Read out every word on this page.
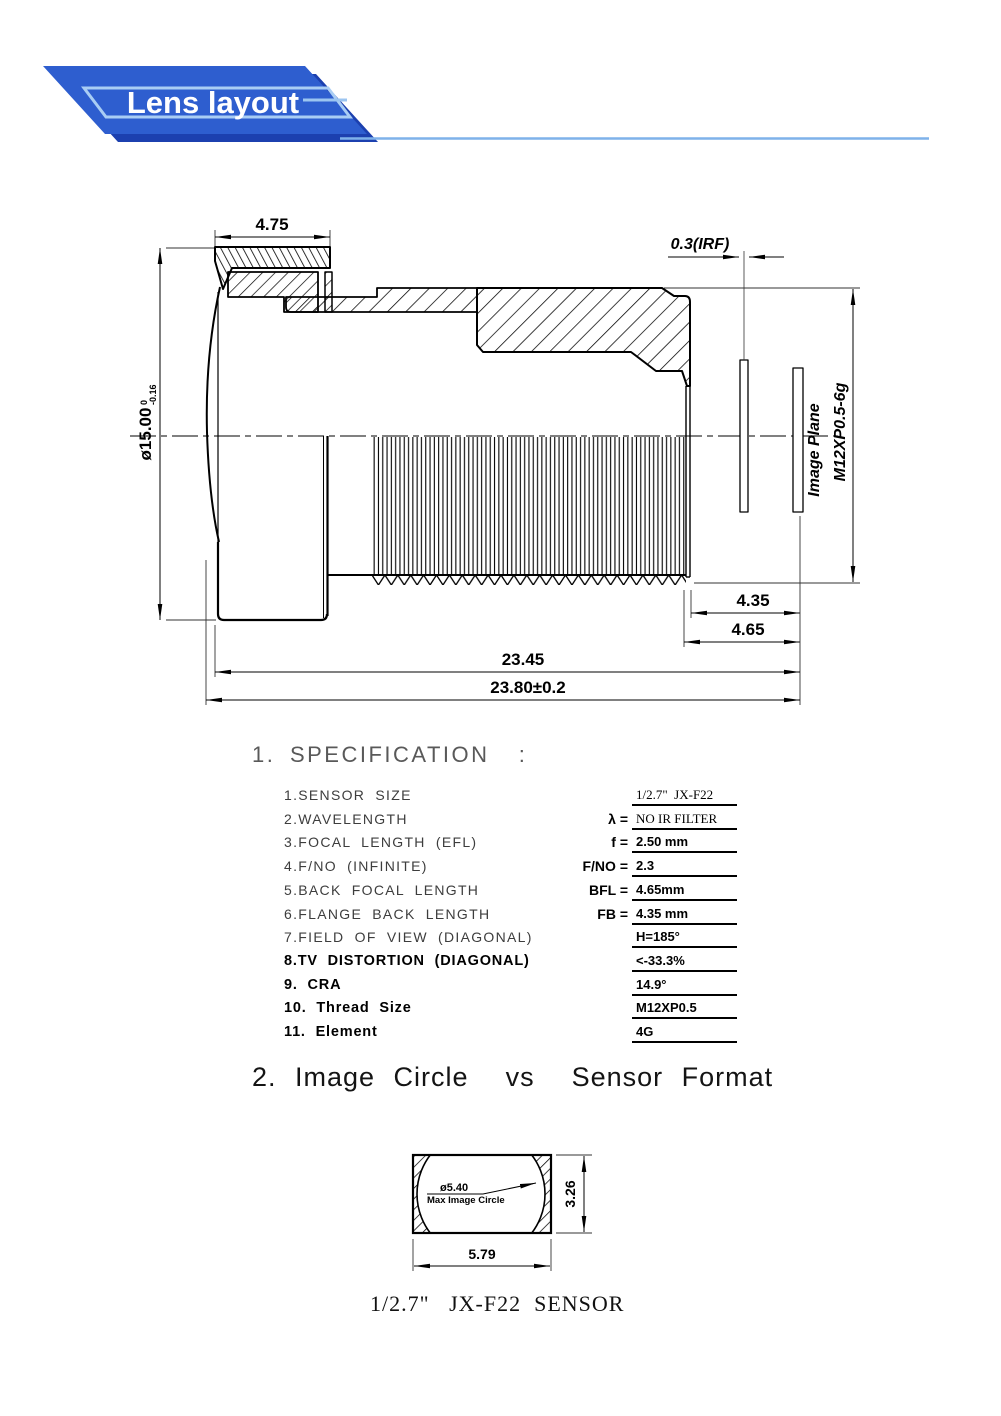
Lens layout
4.75
ø15.00
0 -0.16
0.3(IRF)
Image Plane M12XP0.5-6g
4.35
4.65
23.45
23.80±0.2
ø5.40
Max Image Circle	3.26
5.79
1. SPECIFICATION  :
1.SENSOR SIZE	1/2.7"  JX-F22
2.WAVELENGTH	λ = NO IR FILTER
3.FOCAL LENGTH (EFL)	f = 2.50 mm
4.F/NO (INFINITE)	F/NO = 2.3
5.BACK FOCAL LENGTH	BFL = 4.65mm
6.FLANGE BACK LENGTH	FB = 4.35 mm
7.FIELD OF VIEW (DIAGONAL)	H=185°
8.TV DISTORTION (DIAGONAL)	<-33.3%
9. CRA	14.9°
10. Thread Size	M12XP0.5
11. Element	4G
2. Image Circle  vs  Sensor Format
1/2.7"   JX-F22  SENSOR
